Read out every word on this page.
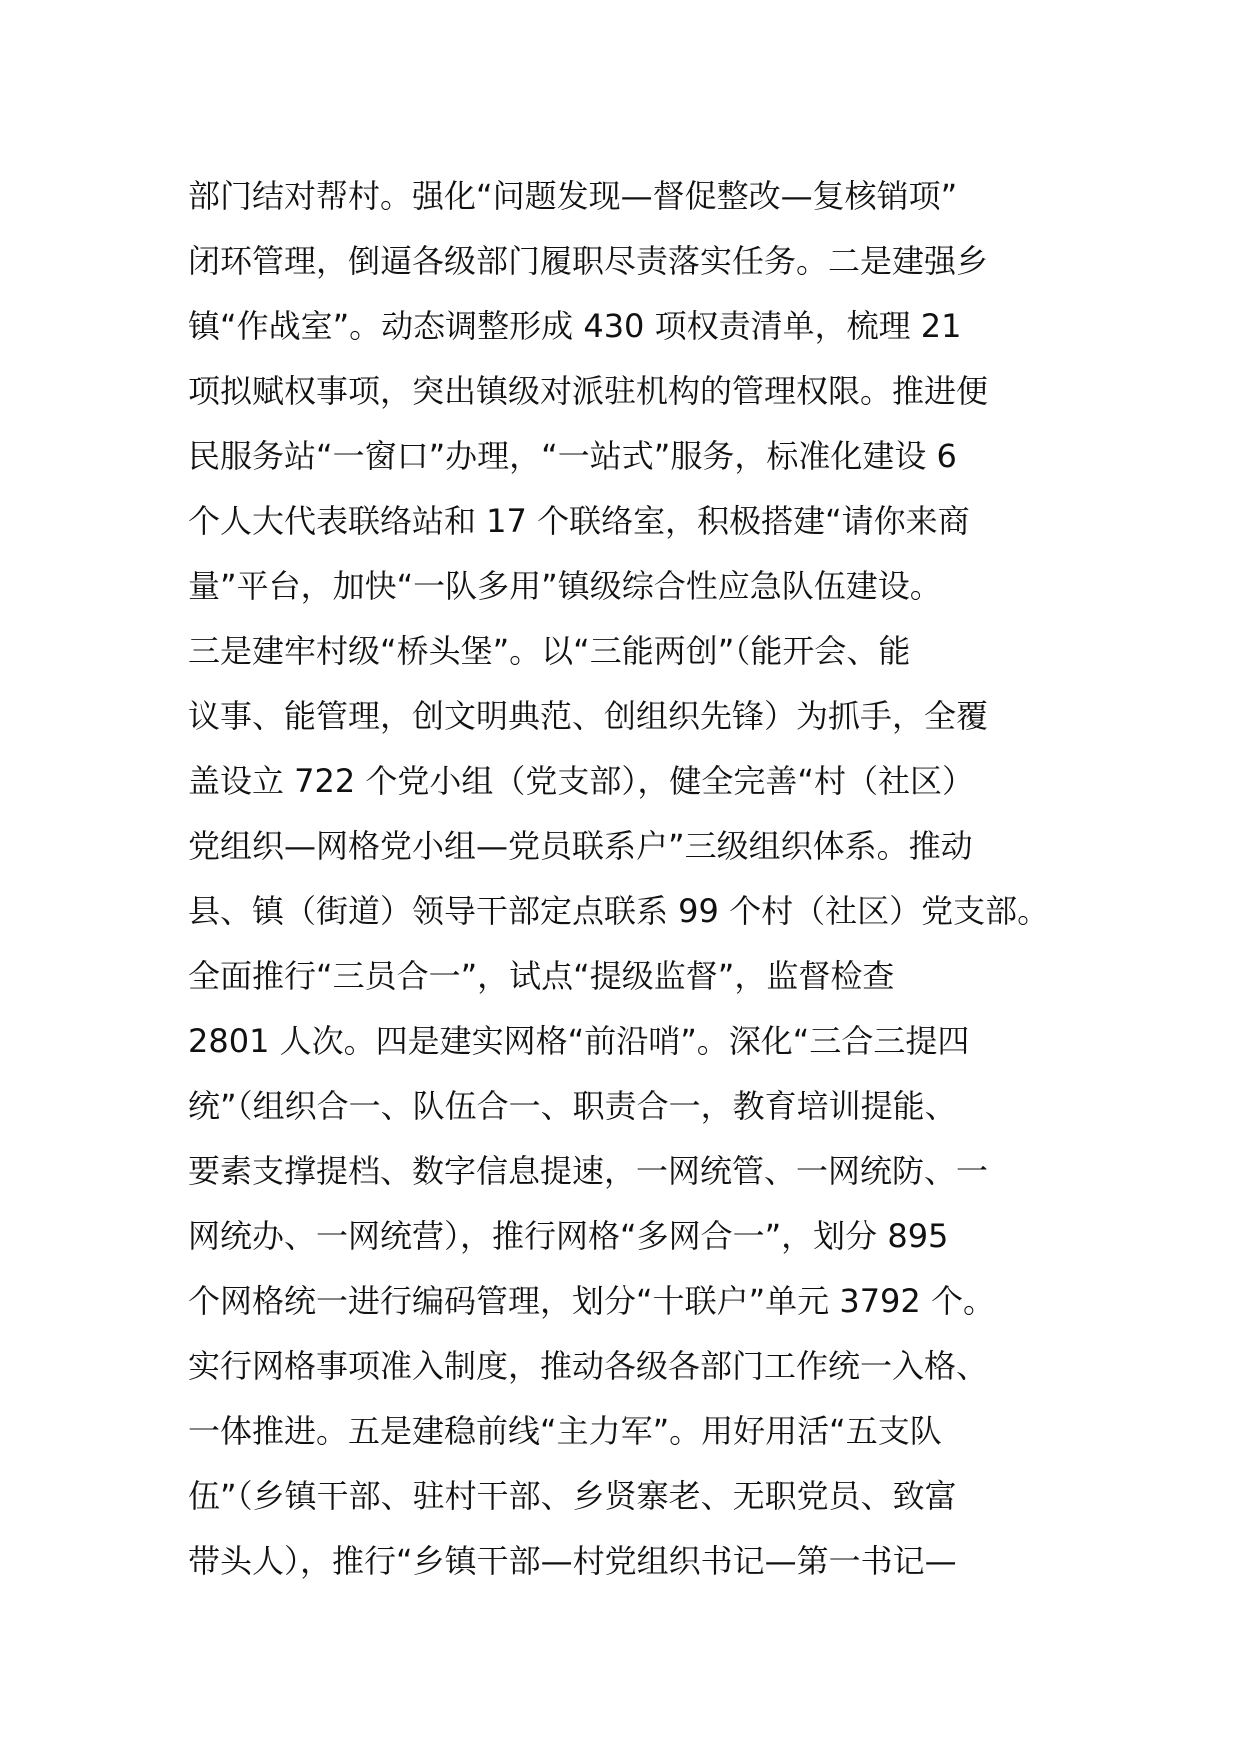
部门结对帮村。强化“问题发现—督促整改—复核销项”
闭环管理，倒逼各级部门履职尽责落实任务。二是建强乡
镇“作战室”。动态调整形成 430 项权责清单，梳理 21
项拟赋权事项，突出镇级对派驻机构的管理权限。推进便
民服务站“一窗口”办理，“一站式”服务，标准化建设 6
个人大代表联络站和 17 个联络室，积极搭建“请你来商
量”平台，加快“一队多用”镇级综合性应急队伍建设。
三是建牢村级“桥头堡”。以“三能两创”（能开会、能
议事、能管理，创文明典范、创组织先锋）为抓手，全覆
盖设立 722 个党小组（党支部），健全完善“村（社区）
党组织—网格党小组—党员联系户”三级组织体系。推动
县、镇（街道）领导干部定点联系 99 个村（社区）党支部。
全面推行“三员合一”，试点“提级监督”，监督检查
2801 人次。四是建实网格“前沿哨”。深化“三合三提四
统”（组织合一、队伍合一、职责合一，教育培训提能、
要素支撑提档、数字信息提速，一网统管、一网统防、一
网统办、一网统营），推行网格“多网合一”，划分 895
个网格统一进行编码管理，划分“十联户”单元 3792 个。
实行网格事项准入制度，推动各级各部门工作统一入格、
一体推进。五是建稳前线“主力军”。用好用活“五支队
伍”（乡镇干部、驻村干部、乡贤寨老、无职党员、致富
带头人），推行“乡镇干部—村党组织书记—第一书记—
